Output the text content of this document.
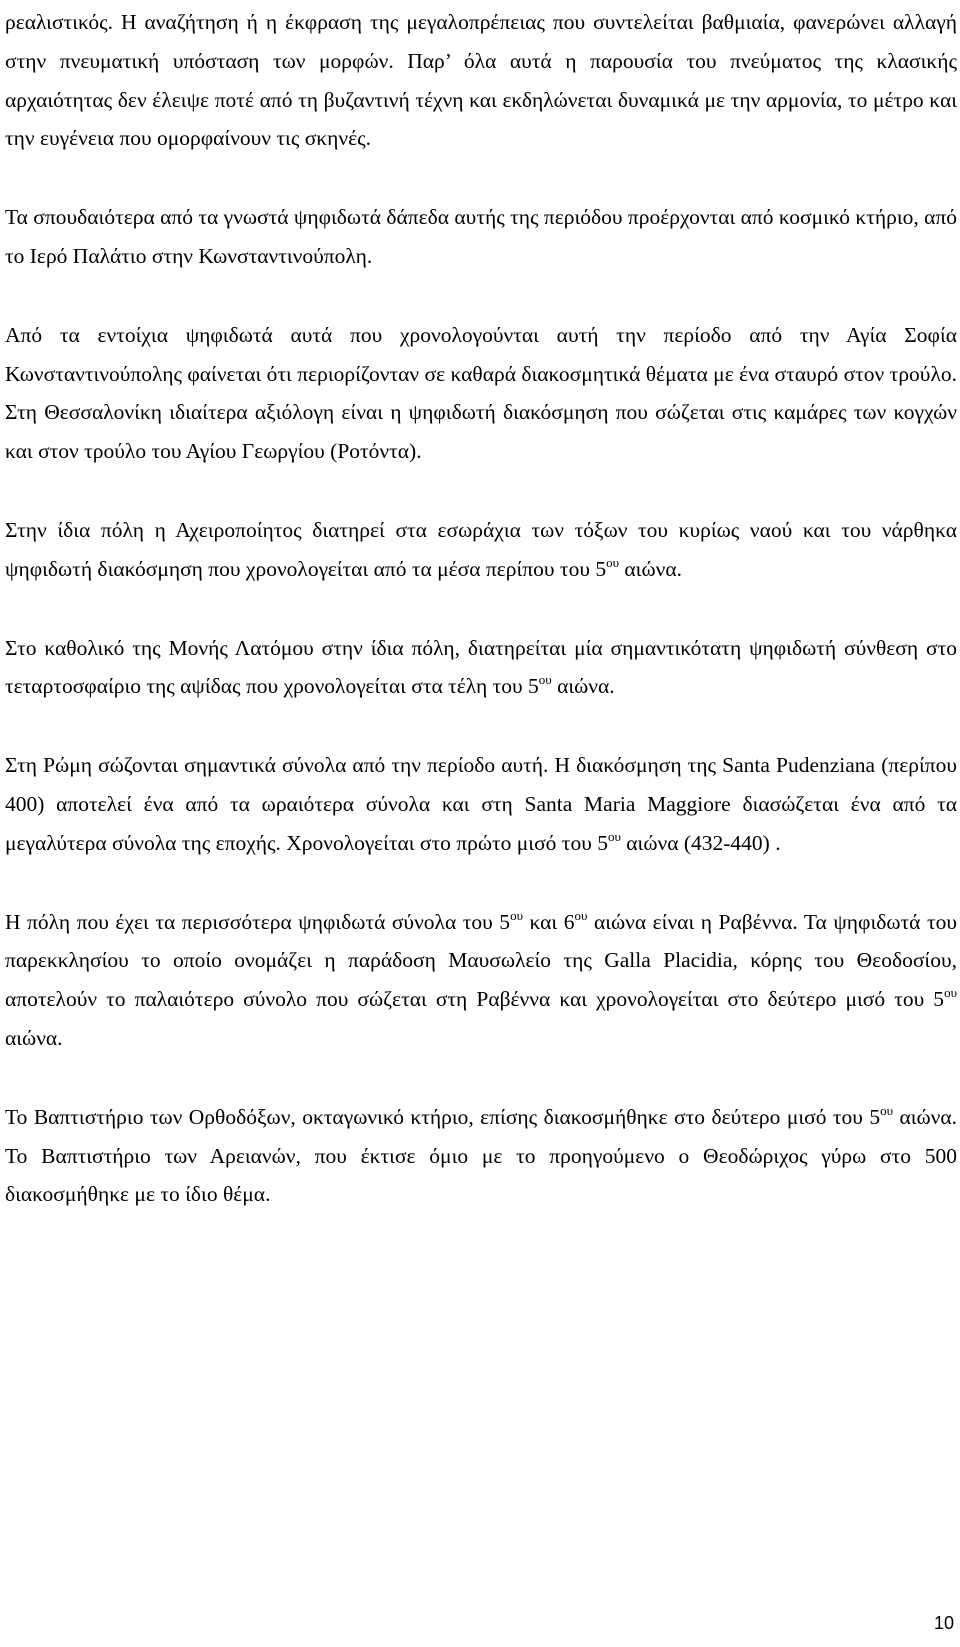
ρεαλιστικός. Η αναζήτηση ή η έκφραση της μεγαλοπρέπειας που συντελείται βαθμιαία, φανερώνει αλλαγή στην πνευματική υπόσταση των μορφών. Παρ’ όλα αυτά η παρουσία του πνεύματος της κλασικής αρχαιότητας δεν έλειψε ποτέ από τη βυζαντινή τέχνη και εκδηλώνεται δυναμικά με την αρμονία, το μέτρο και την ευγένεια που ομορφαίνουν τις σκηνές.

Τα σπουδαιότερα από τα γνωστά ψηφιδωτά δάπεδα αυτής της περιόδου προέρχονται από κοσμικό κτήριο, από το Ιερό Παλάτιο στην Κωνσταντινούπολη.

Από τα εντοίχια ψηφιδωτά αυτά που χρονολογούνται αυτή την περίοδο από την Αγία Σοφία Κωνσταντινούπολης φαίνεται ότι περιορίζονταν σε καθαρά διακοσμητικά θέματα με ένα σταυρό στον τρούλο. Στη Θεσσαλονίκη ιδιαίτερα αξιόλογη είναι η ψηφιδωτή διακόσμηση που σώζεται στις καμάρες των κογχών και στον τρούλο του Αγίου Γεωργίου (Ροτόντα).

Στην ίδια πόλη η Αχειροποίητος διατηρεί στα εσωράχια των τόξων του κυρίως ναού και του νάρθηκα ψηφιδωτή διακόσμηση που χρονολογείται από τα μέσα περίπου του $5^{o\upsilon}$ αιώνα.

Στο καθολικό της Μονής Λατόμου στην ίδια πόλη, διατηρείται μία σημαντικότατη ψηφιδωτή σύνθεση στο τεταρτοσφαίριο της αψίδας που χρονολογείται στα τέλη του $5^{o\upsilon}$ αιώνα.

Στη Ρώμη σώζονται σημαντικά σύνολα από την περίοδο αυτή. Η διακόσμηση της Santa Pudenziana (περίπου 400) αποτελεί ένα από τα ωραιότερα σύνολα και στη Santa Maria Maggiore διασώζεται ένα από τα μεγαλύτερα σύνολα της εποχής. Χρονολογείται στο πρώτο μισό του $5^{o\upsilon}$ αιώνα (432-440) .

Η πόλη που έχει τα περισσότερα ψηφιδωτά σύνολα του $5^{o\upsilon}$ και $6^{o\upsilon}$ αιώνα είναι η Ραβέννα. Τα ψηφιδωτά του παρεκκλησίου το οποίο ονομάζει η παράδοση Μαυσωλείο της Galla Placidia, κόρης του Θεοδοσίου, αποτελούν το παλαιότερο σύνολο που σώζεται στη Ραβέννα και χρονολογείται στο δεύτερο μισό του $5^{o\upsilon}$ αιώνα.

Το Βαπτιστήριο των Ορθοδόξων, οκταγωνικό κτήριο, επίσης διακοσμήθηκε στο δεύτερο μισό του $5^{o\upsilon}$ αιώνα. Το Βαπτιστήριο των Αρειανών, που έκτισε όμιο με το προηγούμενο ο Θεοδώριχος γύρω στο 500 διακοσμήθηκε με το ίδιο θέμα.

10
